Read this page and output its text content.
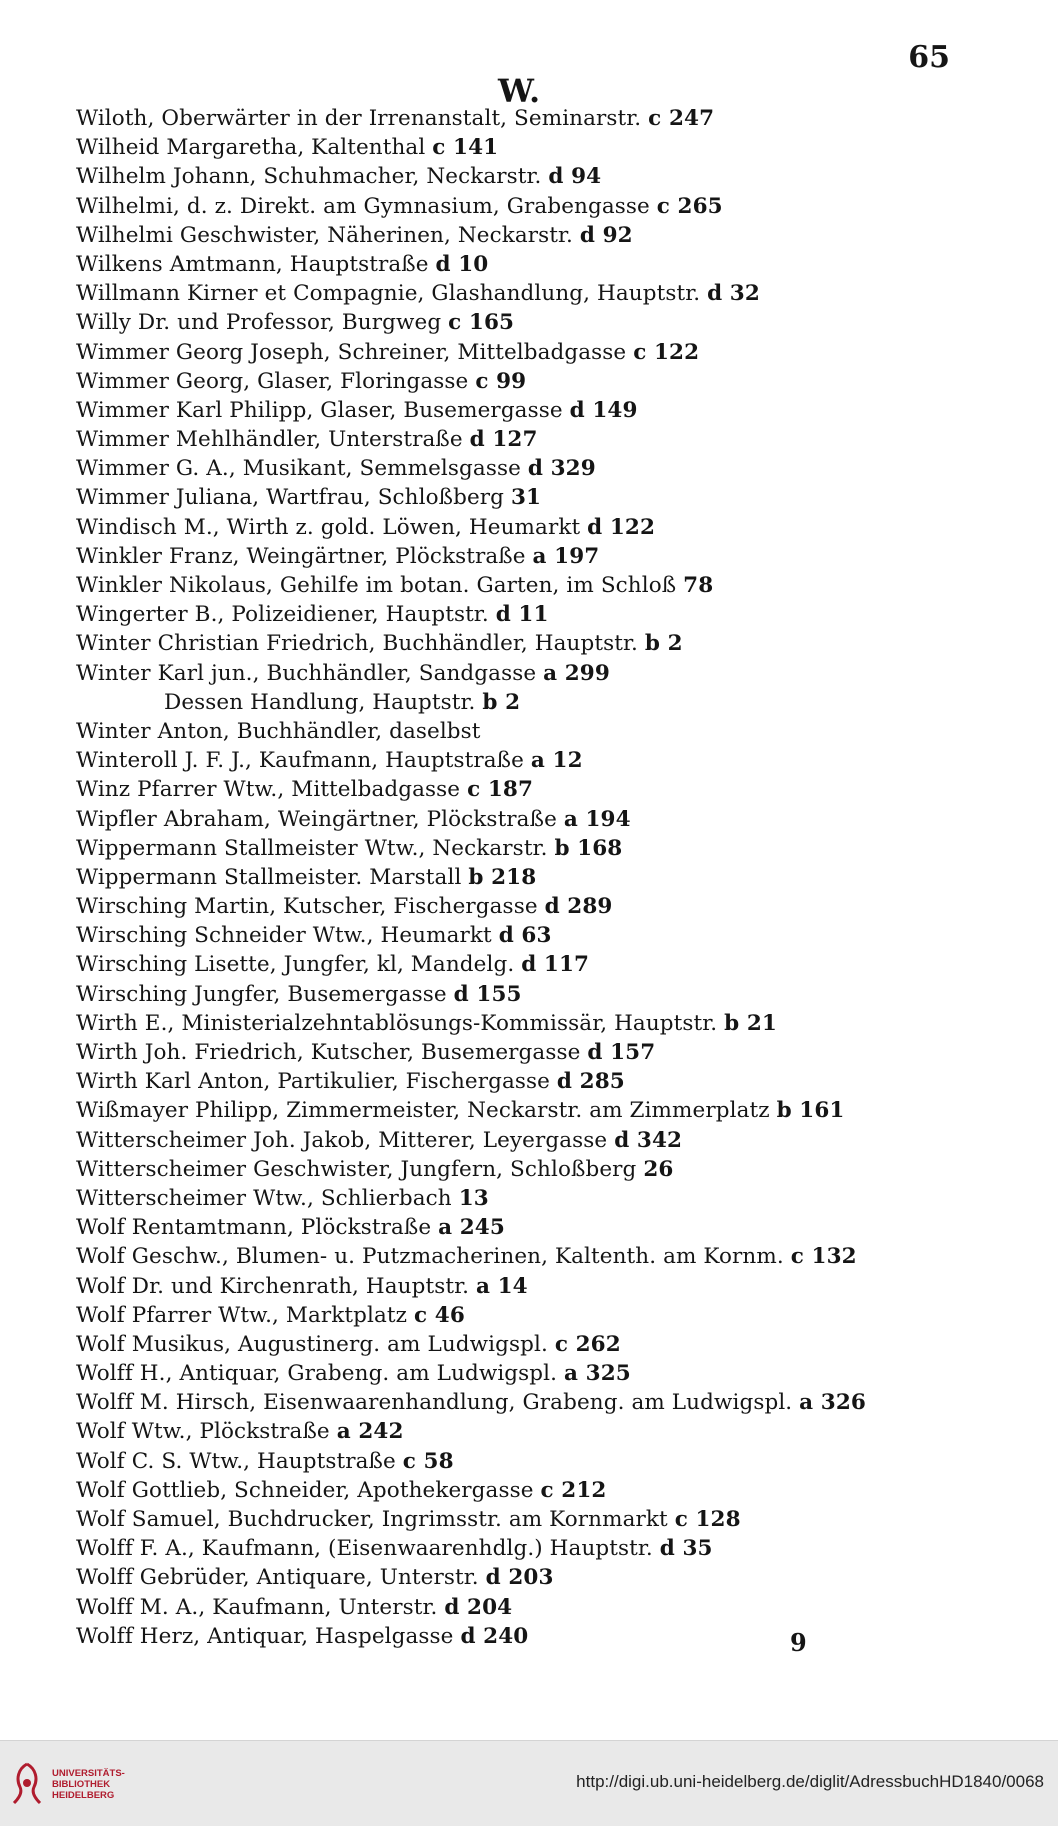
65
W.
Wiloth, Oberwärter in der Irrenanstalt, Seminarstr. c 247
Wilheid Margaretha, Kaltenthal c 141
Wilhelm Johann, Schuhmacher, Neckarstr. d 94
Wilhelmi, d. z. Direkt. am Gymnasium, Grabengasse c 265
Wilhelmi Geschwister, Näherinen, Neckarstr. d 92
Wilkens Amtmann, Hauptstraße d 10
Willmann Kirner et Compagnie, Glashandlung, Hauptstr. d 32
Willy Dr. und Professor, Burgweg c 165
Wimmer Georg Joseph, Schreiner, Mittelbadgasse c 122
Wimmer Georg, Glaser, Floringasse c 99
Wimmer Karl Philipp, Glaser, Busemergasse d 149
Wimmer Mehlhändler, Unterstraße d 127
Wimmer G. A., Musikant, Semmelsgasse d 329
Wimmer Juliana, Wartfrau, Schloßberg 31
Windisch M., Wirth z. gold. Löwen, Heumarkt d 122
Winkler Franz, Weingärtner, Plöckstraße a 197
Winkler Nikolaus, Gehilfe im botan. Garten, im Schloß 78
Wingerter B., Polizeidiener, Hauptstr. d 11
Winter Christian Friedrich, Buchhändler, Hauptstr. b 2
Winter Karl jun., Buchhändler, Sandgasse a 299
Dessen Handlung, Hauptstr. b 2
Winter Anton, Buchhändler, daselbst
Winteroll J. F. J., Kaufmann, Hauptstraße a 12
Winz Pfarrer Wtw., Mittelbadgasse c 187
Wipfler Abraham, Weingärtner, Plöckstraße a 194
Wippermann Stallmeister Wtw., Neckarstr. b 168
Wippermann Stallmeister. Marstall b 218
Wirsching Martin, Kutscher, Fischergasse d 289
Wirsching Schneider Wtw., Heumarkt d 63
Wirsching Lisette, Jungfer, kl, Mandelg. d 117
Wirsching Jungfer, Busemergasse d 155
Wirth E., Ministerialzehntablösungs-Kommissär, Hauptstr. b 21
Wirth Joh. Friedrich, Kutscher, Busemergasse d 157
Wirth Karl Anton, Partikulier, Fischergasse d 285
Wißmayer Philipp, Zimmermeister, Neckarstr. am Zimmerplatz b 161
Witterscheimer Joh. Jakob, Mitterer, Leyergasse d 342
Witterscheimer Geschwister, Jungfern, Schloßberg 26
Witterscheimer Wtw., Schlierbach 13
Wolf Rentamtmann, Plöckstraße a 245
Wolf Geschw., Blumen- u. Putzmacherinen, Kaltenth. am Kornm. c 132
Wolf Dr. und Kirchenrath, Hauptstr. a 14
Wolf Pfarrer Wtw., Marktplatz c 46
Wolf Musikus, Augustinerg. am Ludwigspl. c 262
Wolff H., Antiquar, Grabeng. am Ludwigspl. a 325
Wolff M. Hirsch, Eisenwaarenhandlung, Grabeng. am Ludwigspl. a 326
Wolf Wtw., Plöckstraße a 242
Wolf C. S. Wtw., Hauptstraße c 58
Wolf Gottlieb, Schneider, Apothekergasse c 212
Wolf Samuel, Buchdrucker, Ingrimsstr. am Kornmarkt c 128
Wolff F. A., Kaufmann, (Eisenwaarenhdlg.) Hauptstr. d 35
Wolff Gebrüder, Antiquare, Unterstr. d 203
Wolff M. A., Kaufmann, Unterstr. d 204
Wolff Herz, Antiquar, Haspelgasse d 240	9
UNIVERSITÄTS-
BIBLIOTHEK
HEIDELBERG
http://digi.ub.uni-heidelberg.de/diglit/AdressbuchHD1840/0068
